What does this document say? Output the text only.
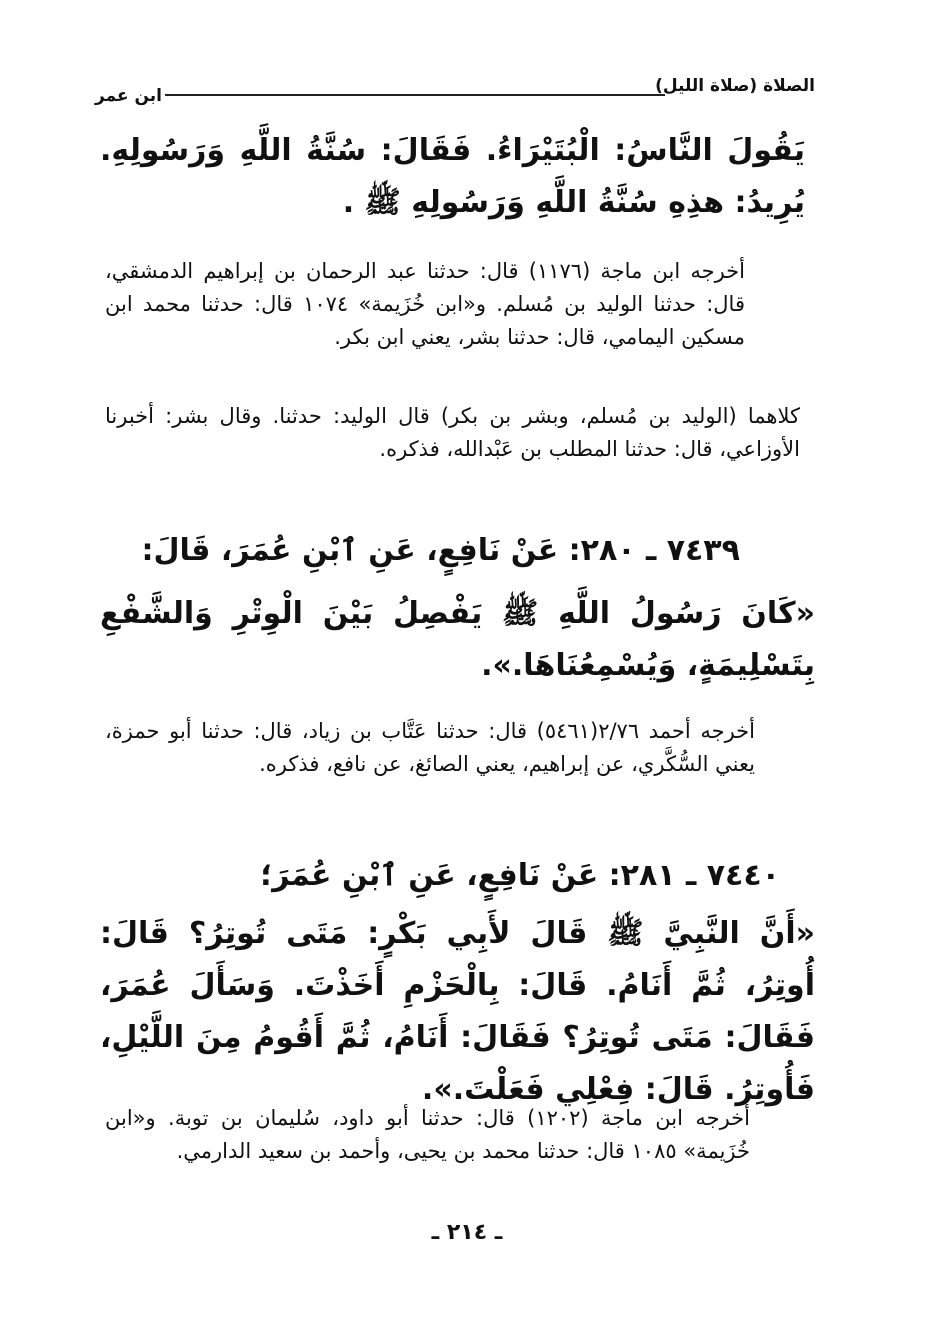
الصلاة (صلاة الليل)
ابن عمر
يَقُولَ النَّاسُ: الْبُتَيْرَاءُ. فَقَالَ: سُنَّةُ اللَّهِ وَرَسُولِهِ. يُرِيدُ: هذِهِ سُنَّةُ اللَّهِ وَرَسُولِهِ ﷺ .
أخرجه ابن ماجة (١١٧٦) قال: حدثنا عبد الرحمان بن إبراهيم الدمشقي، قال: حدثنا الوليد بن مُسلم. و«ابن خُزَيمة» ١٠٧٤ قال: حدثنا محمد ابن مسكين اليمامي، قال: حدثنا بشر، يعني ابن بكر.
كلاهما (الوليد بن مُسلم، وبشر بن بكر) قال الوليد: حدثنا. وقال بشر: أخبرنا الأوزاعي، قال: حدثنا المطلب بن عَبْدالله، فذكره.
٧٤٣٩ ـ ٢٨٠: عَنْ نَافِعٍ، عَنِ ٱبْنِ عُمَرَ، قَالَ:
«كَانَ رَسُولُ اللَّهِ ﷺ يَفْصِلُ بَيْنَ الْوِتْرِ وَالشَّفْعِ بِتَسْلِيمَةٍ، وَيُسْمِعُنَاهَا.».
أخرجه أحمد ٢/٧٦(٥٤٦١) قال: حدثنا عَتَّاب بن زياد، قال: حدثنا أبو حمزة، يعني السُّكَّري، عن إبراهيم، يعني الصائغ، عن نافع، فذكره.
٧٤٤٠ ـ ٢٨١: عَنْ نَافِعٍ، عَنِ ٱبْنِ عُمَرَ؛
«أَنَّ النَّبِيَّ ﷺ قَالَ لأَبِي بَكْرٍ: مَتَى تُوتِرُ؟ قَالَ: أُوتِرُ، ثُمَّ أَنَامُ. قَالَ: بِالْحَزْمِ أَخَذْتَ. وَسَأَلَ عُمَرَ، فَقَالَ: مَتَى تُوتِرُ؟ فَقَالَ: أَنَامُ، ثُمَّ أَقُومُ مِنَ اللَّيْلِ، فَأُوتِرُ. قَالَ: فِعْلِي فَعَلْتَ.».
أخرجه ابن ماجة (١٢٠٢) قال: حدثنا أبو داود، سُليمان بن توبة. و«ابن خُزَيمة» ١٠٨٥ قال: حدثنا محمد بن يحيى، وأحمد بن سعيد الدارمي.
ـ ٢١٤ ـ
